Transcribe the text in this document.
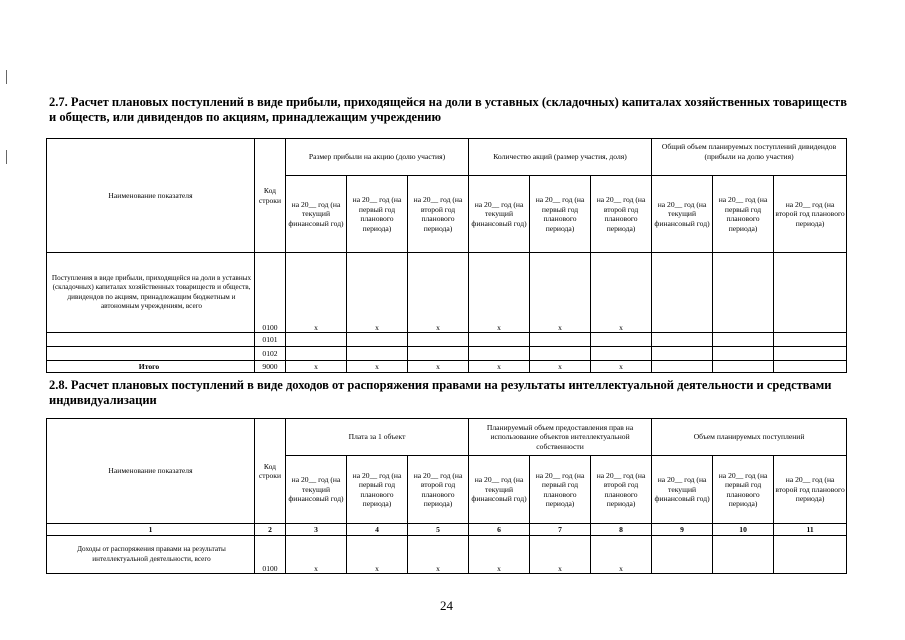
2.7. Расчет плановых поступлений в виде прибыли, приходящейся на доли в уставных (складочных) капиталах хозяйственных товариществ и обществ, или дивидендов по акциям, принадлежащим учреждению
Наименование показателя	Код строки	Размер прибыли на акцию (долю участия)			Количество акций (размер участия, доля)			Общий объем планируемых поступлений дивидендов (прибыли на долю участия)		
		на 20__ год (на текущий финансовый год)	на 20__ год (на первый год планового периода)	на 20__ год (на второй год планового периода)	на 20__ год (на текущий финансовый год)	на 20__ год (на первый год планового периода)	на 20__ год (на второй год планового периода)	на 20__ год (на текущий финансовый год)	на 20__ год (на первый год планового периода)	на 20__ год (на второй год планового периода)
Поступления в виде прибыли, приходящейся на доли в уставных (складочных) капиталах хозяйственных товариществ и обществ, дивидендов по акциям, принадлежащим бюджетным и автономным учреждениям, всего	0100	x	x	x	x	x	x			
	0101									
	0102									
Итого	9000	x	x	x	x	x	x			
2.8. Расчет плановых поступлений в виде доходов от распоряжения правами на результаты интеллектуальной деятельности и средствами индивидуализации
Наименование показателя	Код строки	Плата за 1 объект			Планируемый объем предоставления прав на использование объектов интеллектуальной собственности			Объем планируемых поступлений		
		на 20__ год (на текущий финансовый год)	на 20__ год (на первый год планового периода)	на 20__ год (на второй год планового периода)	на 20__ год (на текущий финансовый год)	на 20__ год (на первый год планового периода)	на 20__ год (на второй год планового периода)	на 20__ год (на текущий финансовый год)	на 20__ год (на первый год планового периода)	на 20__ год (на второй год планового периода)
1	2	3	4	5	6	7	8	9	10	11
Доходы от распоряжения правами на результаты интеллектуальной деятельности, всего	0100	x	x	x	x	x	x			
24
